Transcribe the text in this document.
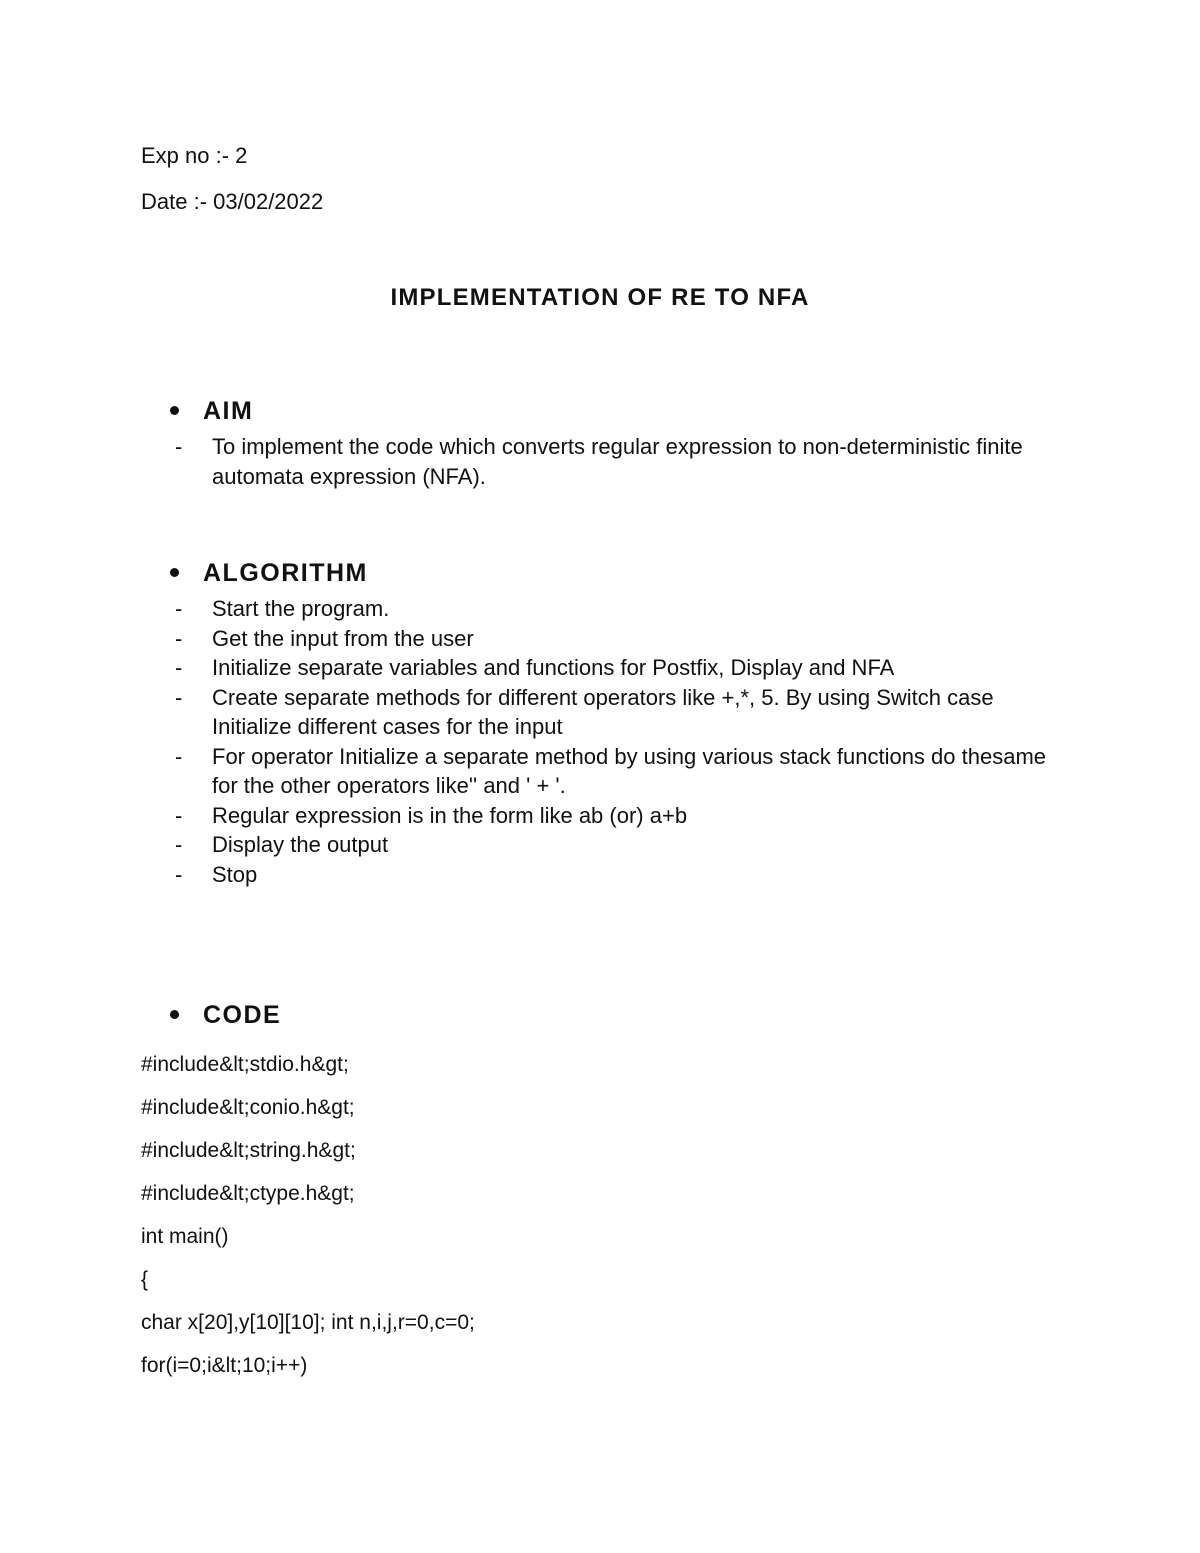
Exp no :- 2
Date :- 03/02/2022
IMPLEMENTATION OF RE TO NFA
AIM
- To implement the code which converts regular expression to non-deterministic finite automata expression (NFA).
ALGORITHM
- Start the program.
- Get the input from the user
- Initialize separate variables and functions for Postfix, Display and NFA
- Create separate methods for different operators like +,*, 5. By using Switch case Initialize different cases for the input
- For operator Initialize a separate method by using various stack functions do thesame for the other operators like'' and ' + '.
- Regular expression is in the form like ab (or) a+b
- Display the output
- Stop
CODE
#include&lt;stdio.h&gt;
#include&lt;conio.h&gt;
#include&lt;string.h&gt;
#include&lt;ctype.h&gt;
int main()
{
char x[20],y[10][10]; int n,i,j,r=0,c=0;
for(i=0;i&lt;10;i++)
